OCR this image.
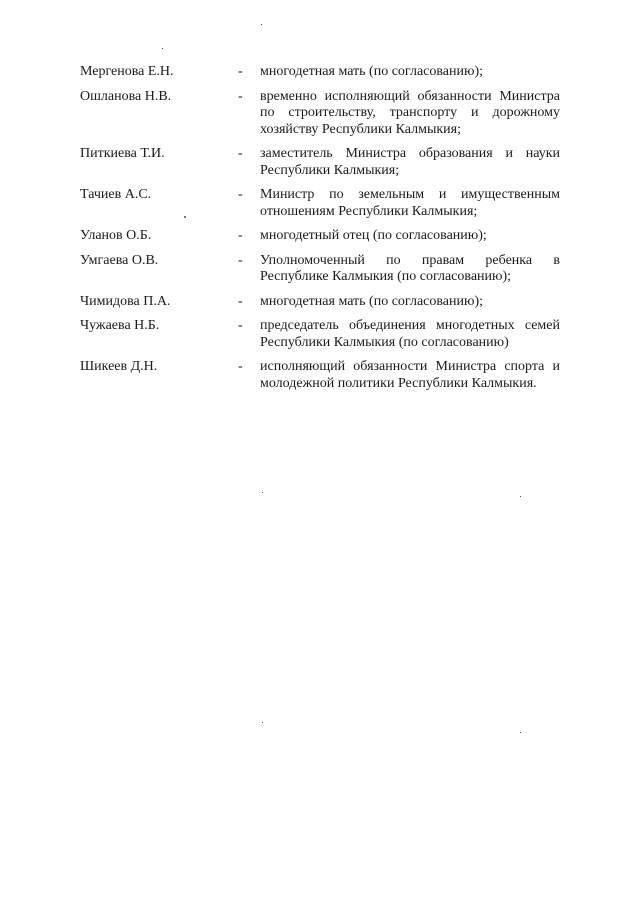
Мергенова Е.Н.	-	многодетная мать (по согласованию);
Ошланова Н.В.	-	временно исполняющий обязанности Министра по строительству, транспорту и дорожному хозяйству Республики Калмыкия;
Питкиева Т.И.	-	заместитель Министра образования и науки Республики Калмыкия;
Тачиев А.С.	-	Министр по земельным и имущественным отношениям Республики Калмыкия;
Уланов О.Б.	-	многодетный отец (по согласованию);
Умгаева О.В.	-	Уполномоченный по правам ребенка в Республике Калмыкия (по согласованию);
Чимидова П.А.	-	многодетная мать (по согласованию);
Чужаева Н.Б.	-	председатель объединения многодетных семей Республики Калмыкия (по согласованию)
Шикеев Д.Н.	-	исполняющий обязанности Министра спорта и молодежной политики Республики Калмыкия.
